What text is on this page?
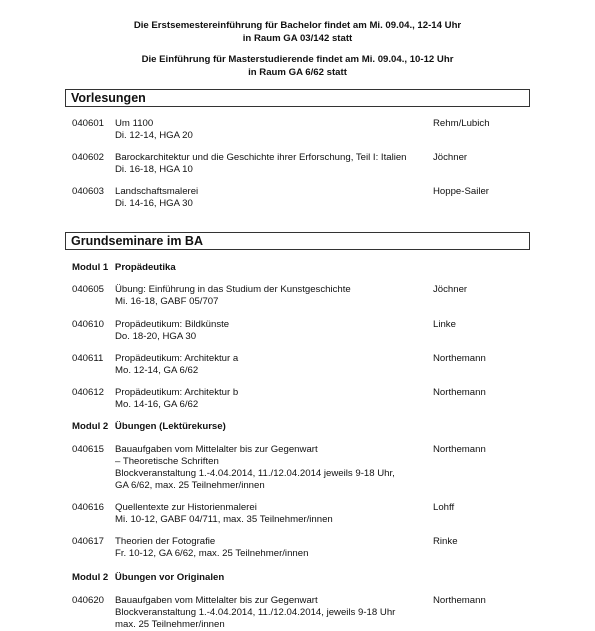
Die Erstsemestereinführung für Bachelor findet am Mi. 09.04., 12-14 Uhr
in Raum GA 03/142 statt
Die Einführung für Masterstudierende findet am Mi. 09.04., 10-12 Uhr
in Raum GA 6/62 statt
Vorlesungen
040601 Um 1100
Di. 12-14, HGA 20
Rehm/Lubich
040602 Barockarchitektur und die Geschichte ihrer Erforschung, Teil I: Italien
Di. 16-18, HGA 10
Jöchner
040603 Landschaftsmalerei
Di. 14-16, HGA 30
Hoppe-Sailer
Grundseminare im BA
Modul 1 Propädeutika
040605 Übung: Einführung in das Studium der Kunstgeschichte
Mi. 16-18, GABF 05/707
Jöchner
040610 Propädeutikum: Bildkünste
Do. 18-20, HGA 30
Linke
040611 Propädeutikum: Architektur a
Mo. 12-14, GA 6/62
Northemann
040612 Propädeutikum: Architektur b
Mo. 14-16, GA 6/62
Northemann
Modul 2 Übungen (Lektürekurse)
040615 Bauaufgaben vom Mittelalter bis zur Gegenwart
– Theoretische Schriften
Blockveranstaltung 1.-4.04.2014, 11./12.04.2014 jeweils 9-18 Uhr,
GA 6/62, max. 25 Teilnehmer/innen
Northemann
040616 Quellentexte zur Historienmalerei
Mi. 10-12, GABF 04/711, max. 35 Teilnehmer/innen
Lohff
040617 Theorien der Fotografie
Fr. 10-12, GA 6/62, max. 25 Teilnehmer/innen
Rinke
Modul 2 Übungen vor Originalen
040620 Bauaufgaben vom Mittelalter bis zur Gegenwart
Blockveranstaltung 1.-4.04.2014, 11./12.04.2014, jeweils 9-18 Uhr
max. 25 Teilnehmer/innen
Northemann
